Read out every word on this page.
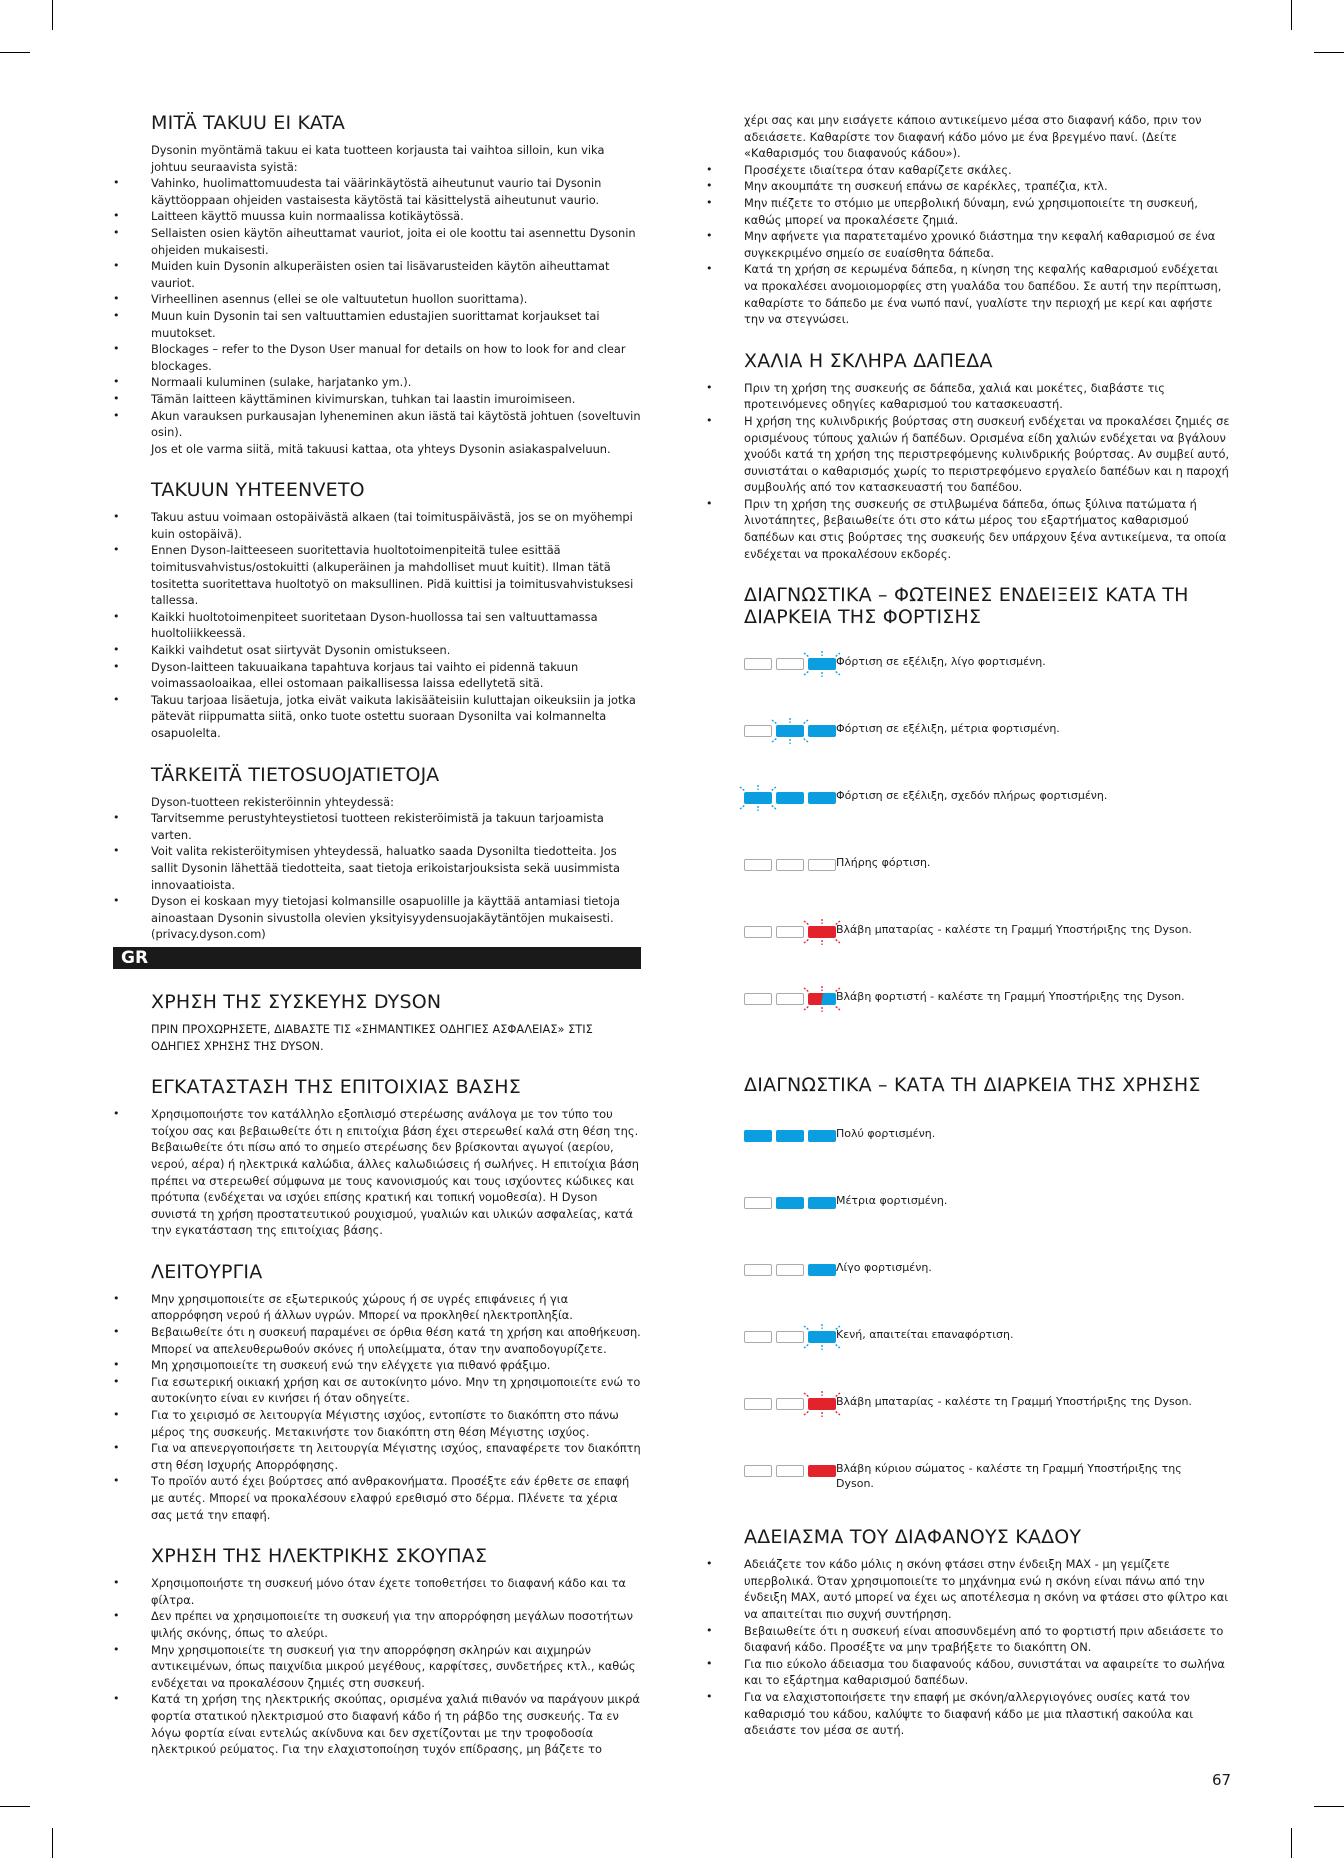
MITÄ TAKUU EI KATA
Dysonin myöntämä takuu ei kata tuotteen korjausta tai vaihtoa silloin, kun vika johtuu seuraavista syistä:
• Vahinko, huolimattomuudesta tai väärinkäytöstä aiheutunut vaurio tai Dysonin käyttöoppaan ohjeiden vastaisesta käytöstä tai käsittelystä aiheutunut vaurio.
• Laitteen käyttö muussa kuin normaalissa kotikäytössä.
• Sellaisten osien käytön aiheuttamat vauriot, joita ei ole koottu tai asennettu Dysonin ohjeiden mukaisesti.
• Muiden kuin Dysonin alkuperäisten osien tai lisävarusteiden käytön aiheuttamat vauriot.
• Virheellinen asennus (ellei se ole valtuutetun huollon suorittama).
• Muun kuin Dysonin tai sen valtuuttamien edustajien suorittamat korjaukset tai muutokset.
• Blockages – refer to the Dyson User manual for details on how to look for and clear blockages.
• Normaali kuluminen (sulake, harjatanko ym.).
• Tämän laitteen käyttäminen kivimurskan, tuhkan tai laastin imuroimiseen.
• Akun varauksen purkausajan lyheneminen akun iästä tai käytöstä johtuen (soveltuvin osin).
Jos et ole varma siitä, mitä takuusi kattaa, ota yhteys Dysonin asiakaspalveluun.
TAKUUN YHTEENVETO
• Takuu astuu voimaan ostopäivästä alkaen (tai toimituspäivästä, jos se on myöhempi kuin ostopäivä).
• Ennen Dyson-laitteeseen suoritettavia huoltotoimenpiteitä tulee esittää toimitusvahvistus/ostokuitti (alkuperäinen ja mahdolliset muut kuitit). Ilman tätä tositetta suoritettava huoltotyö on maksullinen. Pidä kuittisi ja toimitusvahvistuksesi tallessa.
• Kaikki huoltotoimenpiteet suoritetaan Dyson-huollossa tai sen valtuuttamassa huoltoliikkeessä.
• Kaikki vaihdetut osat siirtyvät Dysonin omistukseen.
• Dyson-laitteen takuuaikana tapahtuva korjaus tai vaihto ei pidennä takuun voimassaoloaikaa, ellei ostomaan paikallisessa laissa edellytetä sitä.
• Takuu tarjoaa lisäetuja, jotka eivät vaikuta lakisääteisiin kuluttajan oikeuksiin ja jotka pätevät riippumatta siitä, onko tuote ostettu suoraan Dysonilta vai kolmannelta osapuolelta.
TÄRKEITÄ TIETOSUOJATIETOJA
Dyson-tuotteen rekisteröinnin yhteydessä:
• Tarvitsemme perustyhteystietosi tuotteen rekisteröimistä ja takuun tarjoamista varten.
• Voit valita rekisteröitymisen yhteydessä, haluatko saada Dysonilta tiedotteita. Jos sallit Dysonin lähettää tiedotteita, saat tietoja erikoistarjouksista sekä uusimmista innovaatioista.
• Dyson ei koskaan myy tietojasi kolmansille osapuolille ja käyttää antamiasi tietoja ainoastaan Dysonin sivustolla olevien yksityisyydensuojakäytäntöjen mukaisesti. (privacy.dyson.com)
GR
ΧΡΗΣΗ ΤΗΣ ΣΥΣΚΕΥΗΣ DYSON
ΠΡΙΝ ΠΡΟΧΩΡΗΣΕΤΕ, ΔΙΑΒΑΣΤΕ ΤΙΣ «ΣΗΜΑΝΤΙΚΕΣ ΟΔΗΓΙΕΣ ΑΣΦΑΛΕΙΑΣ» ΣΤΙΣ ΟΔΗΓΙΕΣ ΧΡΗΣΗΣ ΤΗΣ DYSON.
ΕΓΚΑΤΑΣΤΑΣΗ ΤΗΣ ΕΠΙΤΟΙΧΙΑΣ ΒΑΣΗΣ
• Χρησιμοποιήστε τον κατάλληλο εξοπλισμό στερέωσης ανάλογα με τον τύπο του τοίχου σας και βεβαιωθείτε ότι η επιτοίχια βάση έχει στερεωθεί καλά στη θέση της. Βεβαιωθείτε ότι πίσω από το σημείο στερέωσης δεν βρίσκονται αγωγοί (αερίου, νερού, αέρα) ή ηλεκτρικά καλώδια, άλλες καλωδιώσεις ή σωλήνες. Η επιτοίχια βάση πρέπει να στερεωθεί σύμφωνα με τους κανονισμούς και τους ισχύοντες κώδικες και πρότυπα (ενδέχεται να ισχύει επίσης κρατική και τοπική νομοθεσία). Η Dyson συνιστά τη χρήση προστατευτικού ρουχισμού, γυαλιών και υλικών ασφαλείας, κατά την εγκατάσταση της επιτοίχιας βάσης.
ΛΕΙΤΟΥΡΓΙΑ
• Μην χρησιμοποιείτε σε εξωτερικούς χώρους ή σε υγρές επιφάνειες ή για απορρόφηση νερού ή άλλων υγρών. Μπορεί να προκληθεί ηλεκτροπληξία.
• Βεβαιωθείτε ότι η συσκευή παραμένει σε όρθια θέση κατά τη χρήση και αποθήκευση. Μπορεί να απελευθερωθούν σκόνες ή υπολείμματα, όταν την αναποδογυρίζετε.
• Μη χρησιμοποιείτε τη συσκευή ενώ την ελέγχετε για πιθανό φράξιμο.
• Για εσωτερική οικιακή χρήση και σε αυτοκίνητο μόνο. Μην τη χρησιμοποιείτε ενώ το αυτοκίνητο είναι εν κινήσει ή όταν οδηγείτε.
• Για το χειρισμό σε λειτουργία Μέγιστης ισχύος, εντοπίστε το διακόπτη στο πάνω μέρος της συσκευής. Μετακινήστε τον διακόπτη στη θέση Μέγιστης ισχύος.
• Για να απενεργοποιήσετε τη λειτουργία Μέγιστης ισχύος, επαναφέρετε τον διακόπτη στη θέση Ισχυρής Απορρόφησης.
• Το προϊόν αυτό έχει βούρτσες από ανθρακονήματα. Προσέξτε εάν έρθετε σε επαφή με αυτές. Μπορεί να προκαλέσουν ελαφρύ ερεθισμό στο δέρμα. Πλένετε τα χέρια σας μετά την επαφή.
ΧΡΗΣΗ ΤΗΣ ΗΛΕΚΤΡΙΚΗΣ ΣΚΟΥΠΑΣ
• Χρησιμοποιήστε τη συσκευή μόνο όταν έχετε τοποθετήσει το διαφανή κάδο και τα φίλτρα.
• Δεν πρέπει να χρησιμοποιείτε τη συσκευή για την απορρόφηση μεγάλων ποσοτήτων ψιλής σκόνης, όπως το αλεύρι.
• Μην χρησιμοποιείτε τη συσκευή για την απορρόφηση σκληρών και αιχμηρών αντικειμένων, όπως παιχνίδια μικρού μεγέθους, καρφίτσες, συνδετήρες κτλ., καθώς ενδέχεται να προκαλέσουν ζημιές στη συσκευή.
• Κατά τη χρήση της ηλεκτρικής σκούπας, ορισμένα χαλιά πιθανόν να παράγουν μικρά φορτία στατικού ηλεκτρισμού στο διαφανή κάδο ή τη ράβδο της συσκευής. Τα εν λόγω φορτία είναι εντελώς ακίνδυνα και δεν σχετίζονται με την τροφοδοσία ηλεκτρικού ρεύματος. Για την ελαχιστοποίηση τυχόν επίδρασης, μη βάζετε το
χέρι σας και μην εισάγετε κάποιο αντικείμενο μέσα στο διαφανή κάδο, πριν τον αδειάσετε. Καθαρίστε τον διαφανή κάδο μόνο με ένα βρεγμένο πανί. (Δείτε «Καθαρισμός του διαφανούς κάδου»).
• Προσέχετε ιδιαίτερα όταν καθαρίζετε σκάλες.
• Μην ακουμπάτε τη συσκευή επάνω σε καρέκλες, τραπέζια, κτλ.
• Μην πιέζετε το στόμιο με υπερβολική δύναμη, ενώ χρησιμοποιείτε τη συσκευή, καθώς μπορεί να προκαλέσετε ζημιά.
• Μην αφήνετε για παρατεταμένο χρονικό διάστημα την κεφαλή καθαρισμού σε ένα συγκεκριμένο σημείο σε ευαίσθητα δάπεδα.
• Κατά τη χρήση σε κερωμένα δάπεδα, η κίνηση της κεφαλής καθαρισμού ενδέχεται να προκαλέσει ανομοιομορφίες στη γυαλάδα του δαπέδου. Σε αυτή την περίπτωση, καθαρίστε το δάπεδο με ένα νωπό πανί, γυαλίστε την περιοχή με κερί και αφήστε την να στεγνώσει.
ΧΑΛΙΑ Η ΣΚΛΗΡΑ ΔΑΠΕΔΑ
• Πριν τη χρήση της συσκευής σε δάπεδα, χαλιά και μοκέτες, διαβάστε τις προτεινόμενες οδηγίες καθαρισμού του κατασκευαστή.
• Η χρήση της κυλινδρικής βούρτσας στη συσκευή ενδέχεται να προκαλέσει ζημιές σε ορισμένους τύπους χαλιών ή δαπέδων. Ορισμένα είδη χαλιών ενδέχεται να βγάλουν χνούδι κατά τη χρήση της περιστρεφόμενης κυλινδρικής βούρτσας. Αν συμβεί αυτό, συνιστάται ο καθαρισμός χωρίς το περιστρεφόμενο εργαλείο δαπέδων και η παροχή συμβουλής από τον κατασκευαστή του δαπέδου.
• Πριν τη χρήση της συσκευής σε στιλβωμένα δάπεδα, όπως ξύλινα πατώματα ή λινοτάπητες, βεβαιωθείτε ότι στο κάτω μέρος του εξαρτήματος καθαρισμού δαπέδων και στις βούρτσες της συσκευής δεν υπάρχουν ξένα αντικείμενα, τα οποία ενδέχεται να προκαλέσουν εκδορές.
ΔΙΑΓΝΩΣΤΙΚΑ – ΦΩΤΕΙΝΕΣ ΕΝΔΕΙΞΕΙΣ ΚΑΤΑ ΤΗ ΔΙΑΡΚΕΙΑ ΤΗΣ ΦΟΡΤΙΣΗΣ
Φόρτιση σε εξέλιξη, λίγο φορτισμένη.
Φόρτιση σε εξέλιξη, μέτρια φορτισμένη.
Φόρτιση σε εξέλιξη, σχεδόν πλήρως φορτισμένη.
Πλήρης φόρτιση.
Βλάβη μπαταρίας - καλέστε τη Γραμμή Υποστήριξης της Dyson.
Βλάβη φορτιστή - καλέστε τη Γραμμή Υποστήριξης της Dyson.
ΔΙΑΓΝΩΣΤΙΚΑ – ΚΑΤΑ ΤΗ ΔΙΑΡΚΕΙΑ ΤΗΣ ΧΡΗΣΗΣ
Πολύ φορτισμένη.
Μέτρια φορτισμένη.
Λίγο φορτισμένη.
Κενή, απαιτείται επαναφόρτιση.
Βλάβη μπαταρίας - καλέστε τη Γραμμή Υποστήριξης της Dyson.
Βλάβη κύριου σώματος - καλέστε τη Γραμμή Υποστήριξης της Dyson.
ΑΔΕΙΑΣΜΑ ΤΟΥ ΔΙΑΦΑΝΟΥΣ ΚΑΔΟΥ
• Αδειάζετε τον κάδο μόλις η σκόνη φτάσει στην ένδειξη MAX - μη γεμίζετε υπερβολικά. Όταν χρησιμοποιείτε το μηχάνημα ενώ η σκόνη είναι πάνω από την ένδειξη MAX, αυτό μπορεί να έχει ως αποτέλεσμα η σκόνη να φτάσει στο φίλτρο και να απαιτείται πιο συχνή συντήρηση.
• Βεβαιωθείτε ότι η συσκευή είναι αποσυνδεμένη από το φορτιστή πριν αδειάσετε το διαφανή κάδο. Προσέξτε να μην τραβήξετε το διακόπτη ON.
• Για πιο εύκολο άδειασμα του διαφανούς κάδου, συνιστάται να αφαιρείτε το σωλήνα και το εξάρτημα καθαρισμού δαπέδων.
• Για να ελαχιστοποιήσετε την επαφή με σκόνη/αλλεργιογόνες ουσίες κατά τον καθαρισμό του κάδου, καλύψτε το διαφανή κάδο με μια πλαστική σακούλα και αδειάστε τον μέσα σε αυτή.
67
